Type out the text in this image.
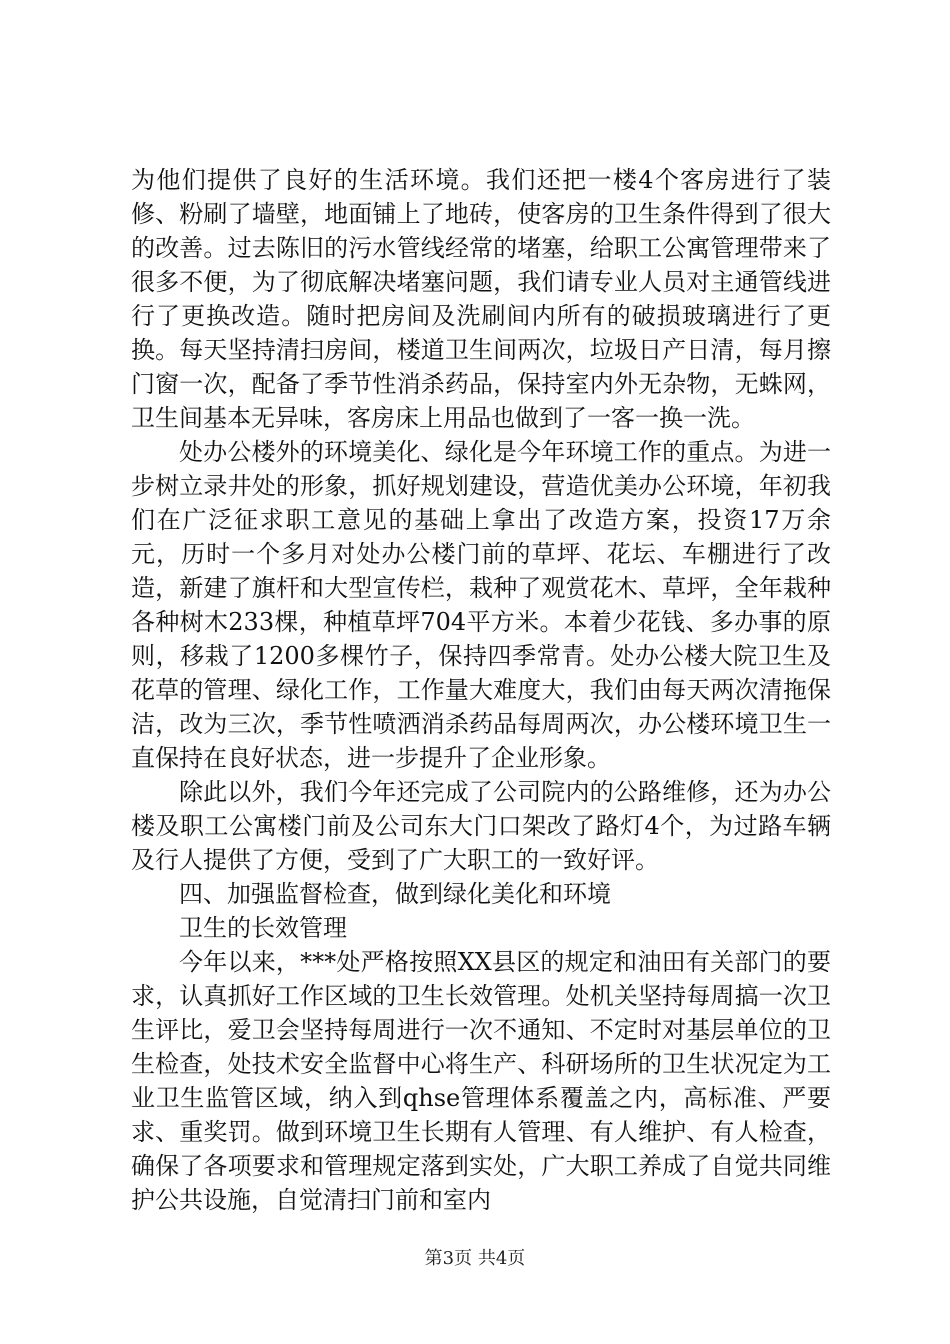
为他们提供了良好的生活环境。我们还把一楼4个客房进行了装修、粉刷了墙壁，地面铺上了地砖，使客房的卫生条件得到了很大的改善。过去陈旧的污水管线经常的堵塞，给职工公寓管理带来了很多不便，为了彻底解决堵塞问题，我们请专业人员对主通管线进行了更换改造。随时把房间及洗刷间内所有的破损玻璃进行了更换。每天坚持清扫房间，楼道卫生间两次，垃圾日产日清，每月擦门窗一次，配备了季节性消杀药品，保持室内外无杂物，无蛛网，卫生间基本无异味，客房床上用品也做到了一客一换一洗。

处办公楼外的环境美化、绿化是今年环境工作的重点。为进一步树立录井处的形象，抓好规划建设，营造优美办公环境，年初我们在广泛征求职工意见的基础上拿出了改造方案，投资17万余元，历时一个多月对处办公楼门前的草坪、花坛、车棚进行了改造，新建了旗杆和大型宣传栏，栽种了观赏花木、草坪，全年栽种各种树木233棵，种植草坪704平方米。本着少花钱、多办事的原则，移栽了1200多棵竹子，保持四季常青。处办公楼大院卫生及花草的管理、绿化工作，工作量大难度大，我们由每天两次清拖保洁，改为三次，季节性喷洒消杀药品每周两次，办公楼环境卫生一直保持在良好状态，进一步提升了企业形象。

除此以外，我们今年还完成了公司院内的公路维修，还为办公楼及职工公寓楼门前及公司东大门口架改了路灯4个，为过路车辆及行人提供了方便，受到了广大职工的一致好评。

四、加强监督检查，做到绿化美化和环境

卫生的长效管理

今年以来，***处严格按照XX县区的规定和油田有关部门的要求，认真抓好工作区域的卫生长效管理。处机关坚持每周搞一次卫生评比，爱卫会坚持每周进行一次不通知、不定时对基层单位的卫生检查，处技术安全监督中心将生产、科研场所的卫生状况定为工业卫生监管区域，纳入到qhse管理体系覆盖之内，高标准、严要求、重奖罚。做到环境卫生长期有人管理、有人维护、有人检查，确保了各项要求和管理规定落到实处，广大职工养成了自觉共同维护公共设施，自觉清扫门前和室内

第3页 共4页
